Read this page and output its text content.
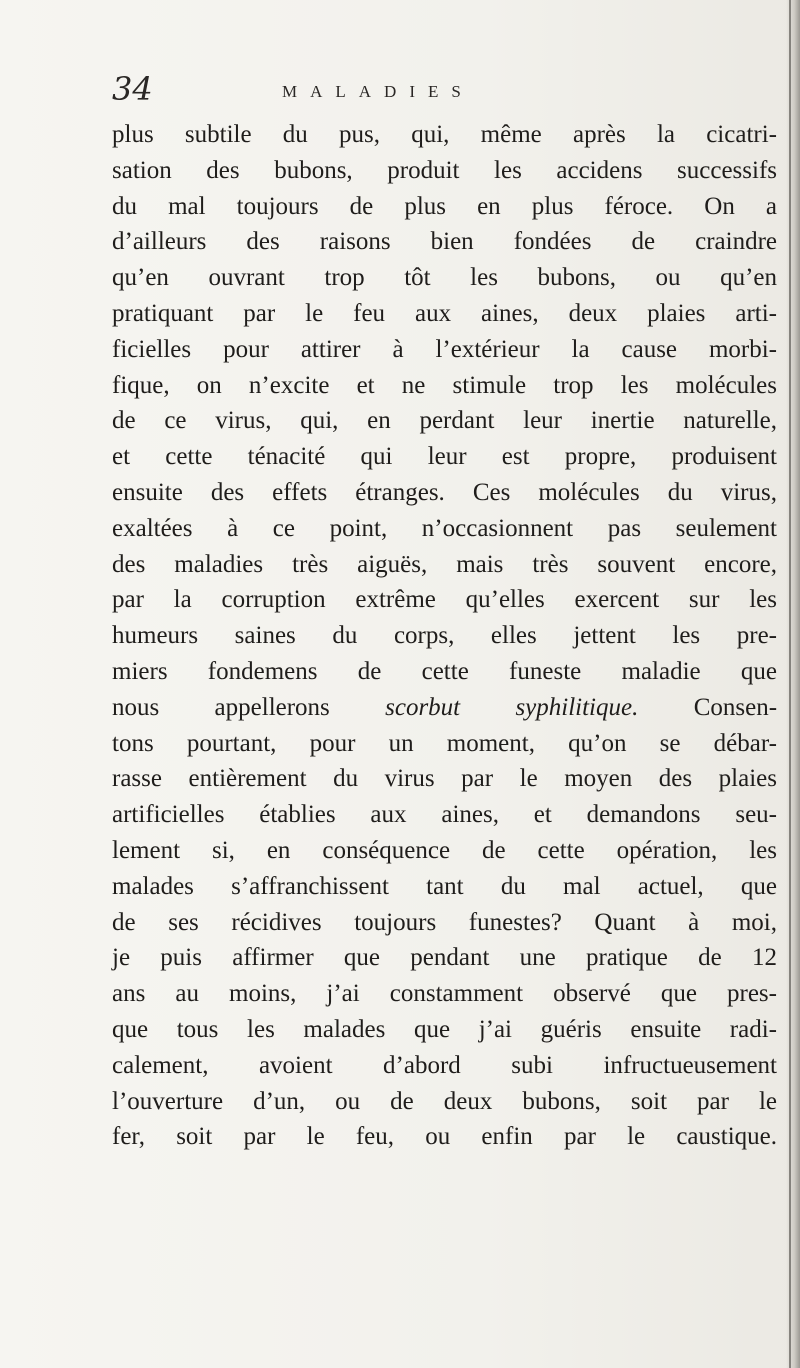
34	MALADIES
plus subtile du pus, qui, même après la cicatri-
sation des bubons, produit les accidens successifs
du mal toujours de plus en plus féroce. On a
d’ailleurs des raisons bien fondées de craindre
qu’en ouvrant trop tôt les bubons, ou qu’en
pratiquant par le feu aux aines, deux plaies arti-
ficielles pour attirer à l’extérieur la cause morbi-
fique, on n’excite et ne stimule trop les molécules
de ce virus, qui, en perdant leur inertie naturelle,
et cette ténacité qui leur est propre, produisent
ensuite des effets étranges. Ces molécules du virus,
exaltées à ce point, n’occasionnent pas seulement
des maladies très aiguës, mais très souvent encore,
par la corruption extrême qu’elles exercent sur les
humeurs saines du corps, elles jettent les pre-
miers fondemens de cette funeste maladie que
nous appellerons scorbut syphilitique. Consen-
tons pourtant, pour un moment, qu’on se débar-
rasse entièrement du virus par le moyen des plaies
artificielles établies aux aines, et demandons seu-
lement si, en conséquence de cette opération, les
malades s’affranchissent tant du mal actuel, que
de ses récidives toujours funestes? Quant à moi,
je puis affirmer que pendant une pratique de 12
ans au moins, j’ai constamment observé que pres-
que tous les malades que j’ai guéris ensuite radi-
calement, avoient d’abord subi infructueusement
l’ouverture d’un, ou de deux bubons, soit par le
fer, soit par le feu, ou enfin par le caustique.
